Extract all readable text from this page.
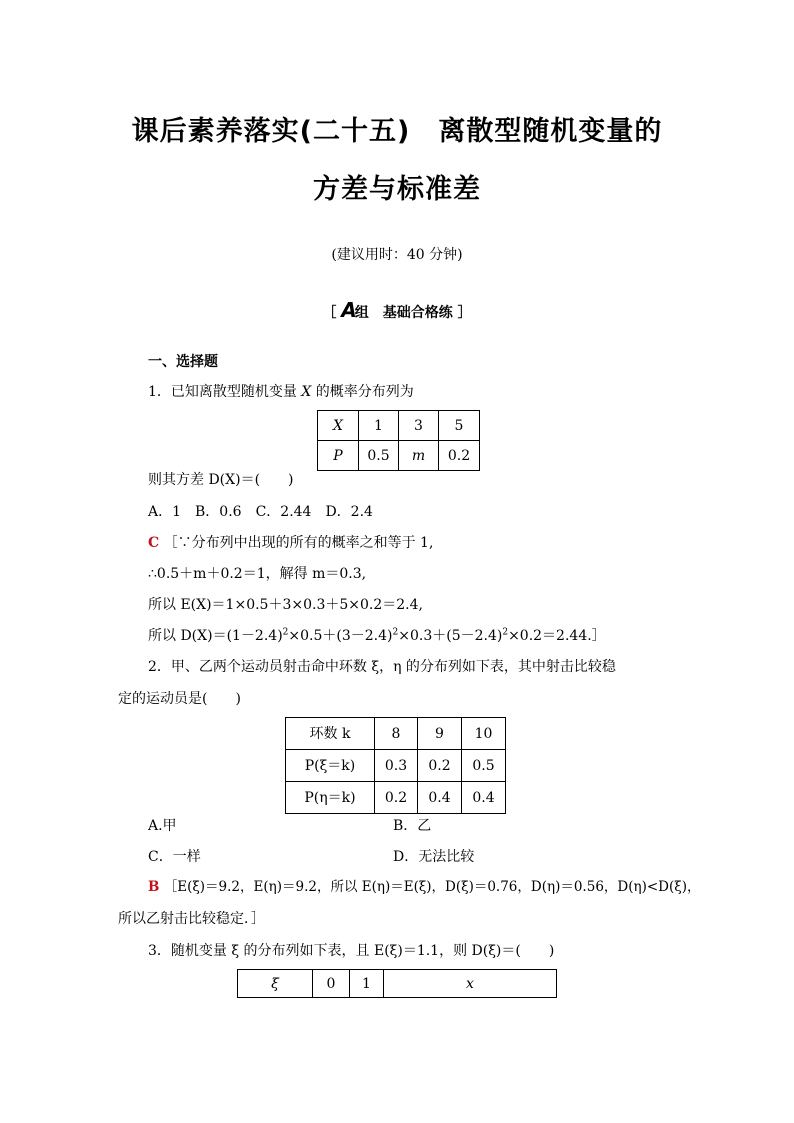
课后素养落实(二十五)　离散型随机变量的
方差与标准差
(建议用时：40 分钟)
［ A组　基础合格练 ］
一、选择题
1．已知离散型随机变量 X 的概率分布列为
X	1	3	5
P	0.5	m	0.2
则其方差 D(X)＝(　　)
A．1　B．0.6　C．2.44　D．2.4
C ［∵分布列中出现的所有的概率之和等于 1,
∴0.5＋m＋0.2＝1，解得 m＝0.3,
所以 E(X)＝1×0.5＋3×0.3＋5×0.2＝2.4,
所以 $D(X)=(1-2.4)^2\times 0.5+(3-2.4)^2\times 0.3+(5-2.4)^2\times 0.2=2.44.]$
2．甲、乙两个运动员射击命中环数 ξ，η 的分布列如下表，其中射击比较稳
定的运动员是(　　)
环数 k	8	9	10
P(ξ＝k)	0.3	0.2	0.5
P(η＝k)	0.2	0.4	0.4
A.甲	B．乙
C．一样	D．无法比较
B ［E(ξ)＝9.2，E(η)＝9.2，所以 E(η)＝E(ξ)，D(ξ)＝0.76，D(η)＝0.56，D(η)<D(ξ)，
所以乙射击比较稳定．］
3．随机变量 ξ 的分布列如下表，且 E(ξ)＝1.1，则 D(ξ)＝(　　)
ξ	0	1	x
